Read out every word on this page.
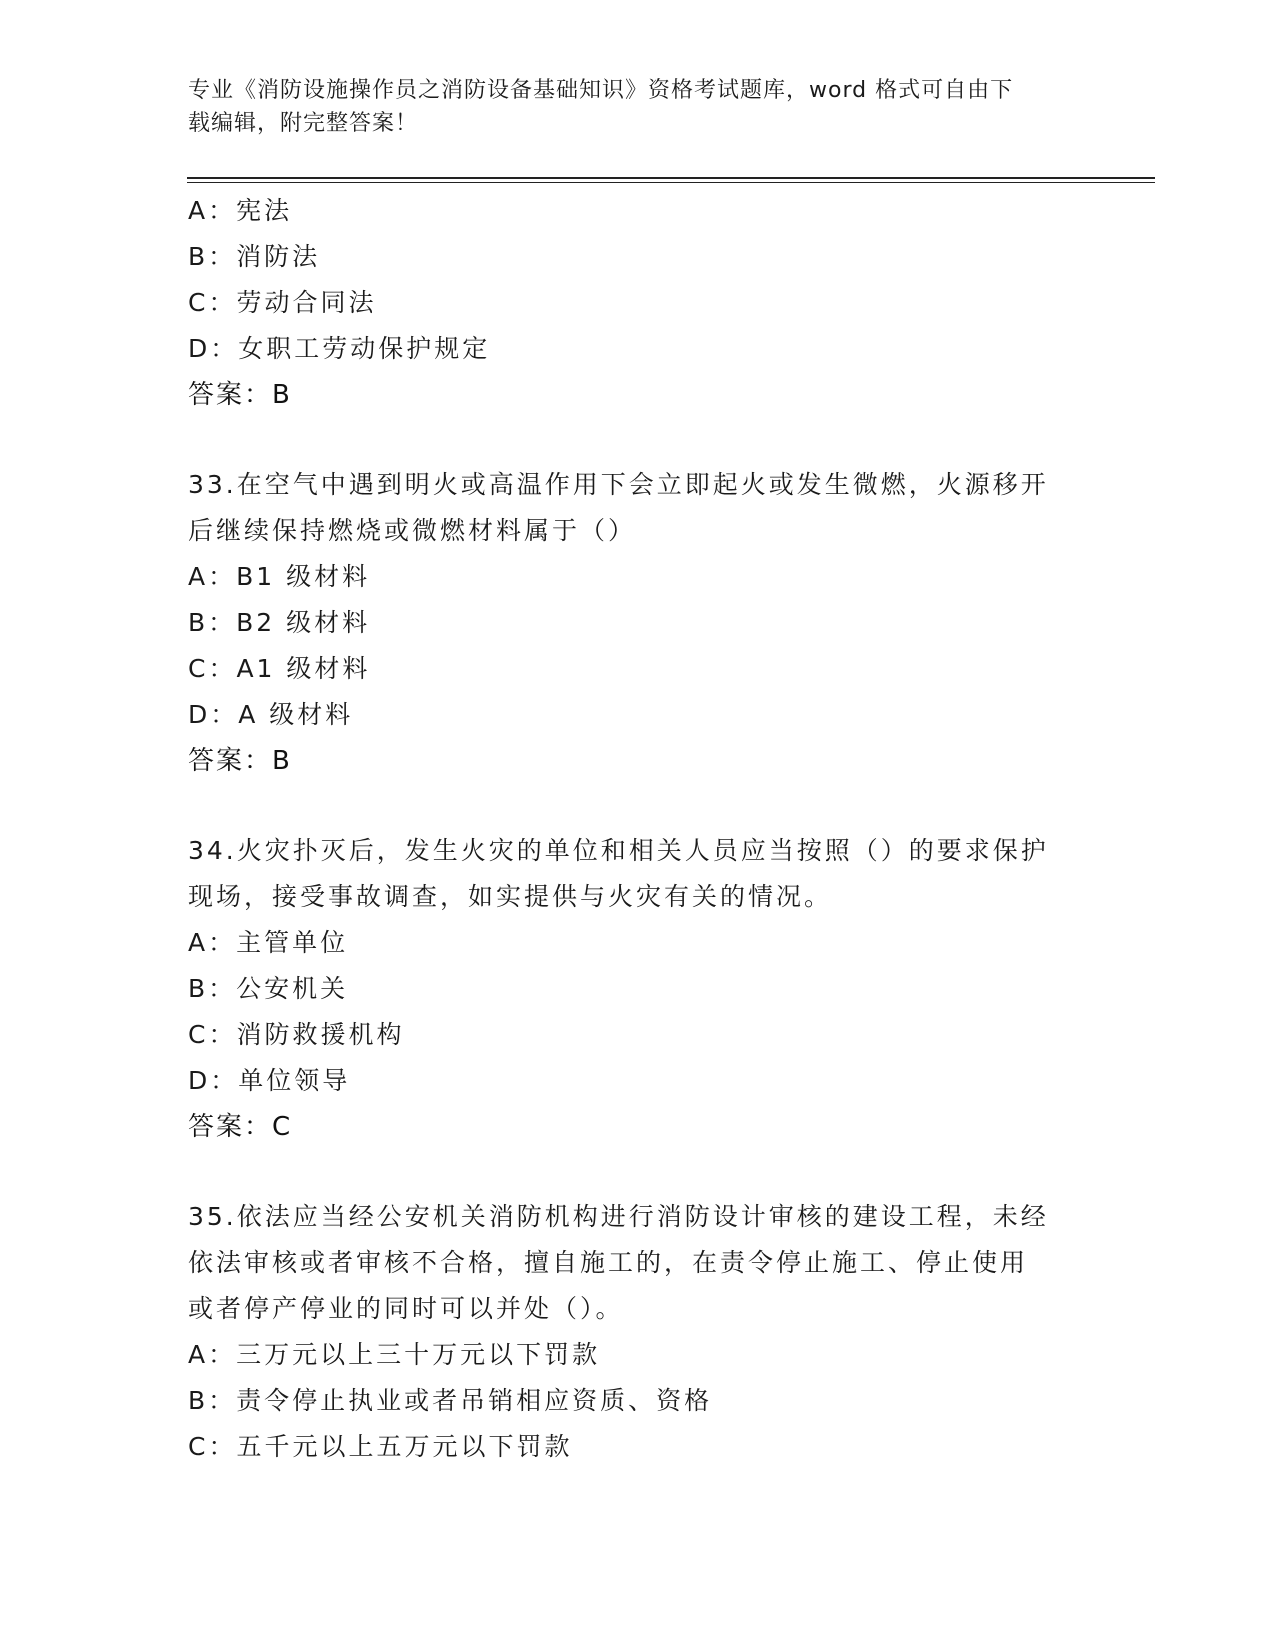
专业《消防设施操作员之消防设备基础知识》资格考试题库，word 格式可自由下
载编辑，附完整答案！
A：宪法
B：消防法
C：劳动合同法
D：女职工劳动保护规定
答案：B
33.在空气中遇到明火或高温作用下会立即起火或发生微燃，火源移开
后继续保持燃烧或微燃材料属于（）
A：B1 级材料
B：B2 级材料
C：A1 级材料
D：A 级材料
答案：B
34.火灾扑灭后，发生火灾的单位和相关人员应当按照（）的要求保护
现场，接受事故调查，如实提供与火灾有关的情况。
A：主管单位
B：公安机关
C：消防救援机构
D：单位领导
答案：C
35.依法应当经公安机关消防机构进行消防设计审核的建设工程，未经
依法审核或者审核不合格，擅自施工的，在责令停止施工、停止使用
或者停产停业的同时可以并处（）。
A：三万元以上三十万元以下罚款
B：责令停止执业或者吊销相应资质、资格
C：五千元以上五万元以下罚款
